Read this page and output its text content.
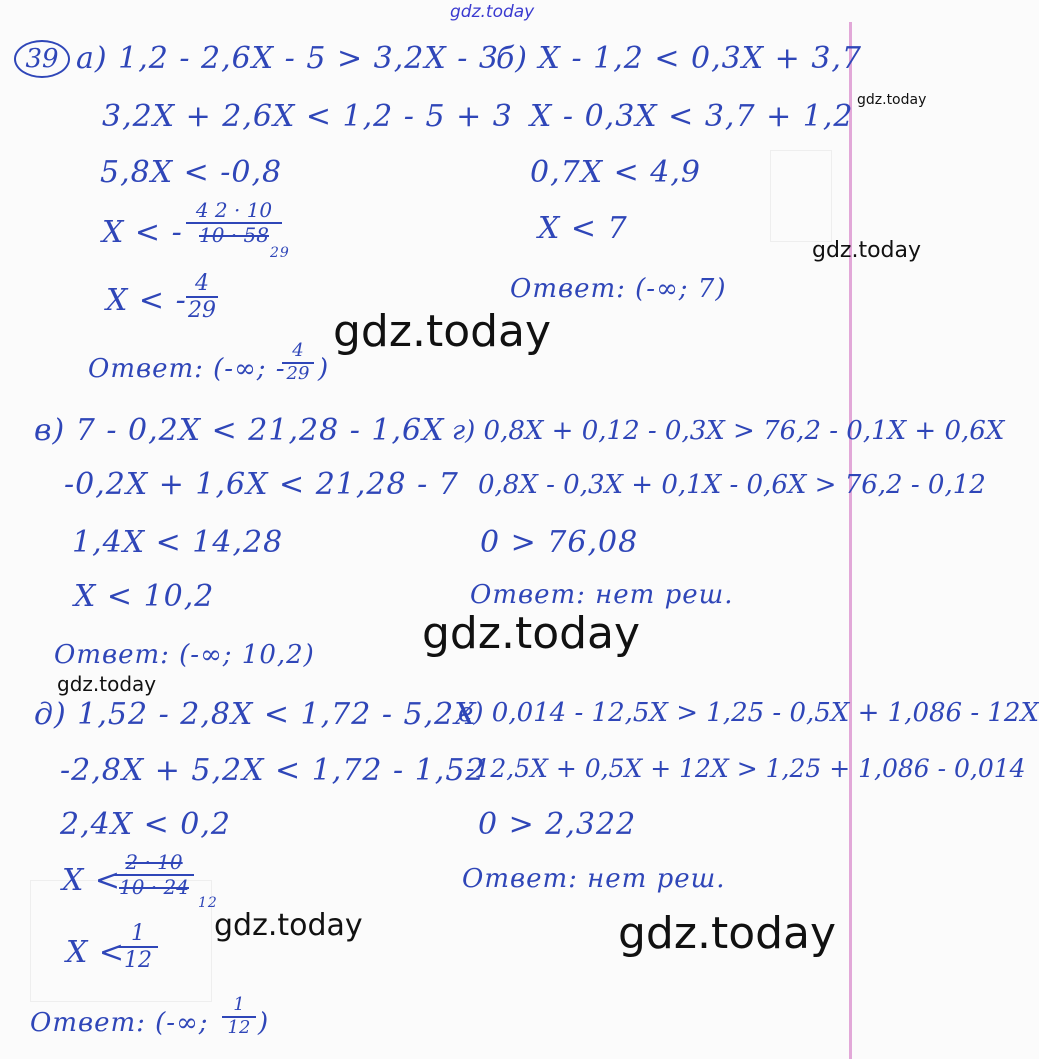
gdz.today
gdz.today
gdz.today
gdz.today
gdz.today
gdz.today
gdz.today	gdz.today
39 а) 1,2 - 2,6X - 5 > 3,2X - 3
3,2X + 2,6X < 1,2 - 5 + 3
5,8X < -0,8
X < -
4 2 · 10
10 · 58
29
X < - 4
29
Ответ: (-∞; -
4
29 )
б) X - 1,2 < 0,3X + 3,7
X - 0,3X < 3,7 + 1,2
0,7X < 4,9
X < 7
Ответ: (-∞; 7)
в) 7 - 0,2X < 21,28 - 1,6X
-0,2X + 1,6X < 21,28 - 7
1,4X < 14,28
X < 10,2
Ответ: (-∞; 10,2)
г) 0,8X + 0,12 - 0,3X > 76,2 - 0,1X + 0,6X
0,8X - 0,3X + 0,1X - 0,6X > 76,2 - 0,12
0 > 76,08
Ответ: нет реш.
д) 1,52 - 2,8X < 1,72 - 5,2X
-2,8X + 5,2X < 1,72 - 1,52
2,4X < 0,2
X <
2 · 10
10 · 24
12
X <
1
12
Ответ: (-∞;
1
12 )
е) 0,014 - 12,5X > 1,25 - 0,5X + 1,086 - 12X
-12,5X + 0,5X + 12X > 1,25 + 1,086 - 0,014
0 > 2,322
Ответ: нет реш.
